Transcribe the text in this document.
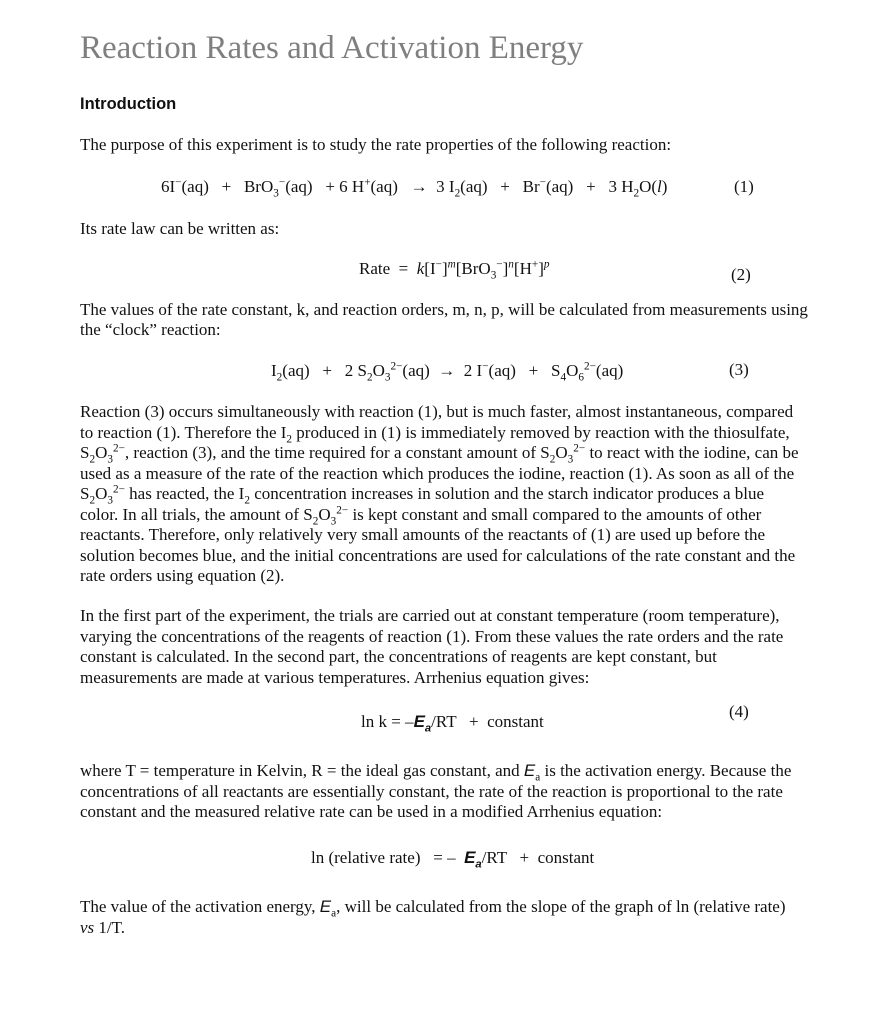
Reaction Rates and Activation Energy
Introduction
The purpose of this experiment is to study the rate properties of the following reaction:
6I−(aq) + BrO$_3$−(aq) + 6 H+(aq) → 3 $I_2(aq) + Br^-(aq) + 3$ $H_2O(l)$	(1)
Its rate law can be written as:
Rate = $k[I^-]^m[BrO_3^-]^n[H^+]^p$
(2)
The values of the rate constant, k, and reaction orders, m, n, p, will be calculated from measurements using
the “clock” reaction:
$I_2(aq) + 2$ $S_2O_3^{2-}(aq) \to 2$ $I^-(aq) + S_4O_6^{2-}(aq)$	(3)
Reaction (3) occurs simultaneously with reaction (1), but is much faster, almost instantaneous, compared
to reaction (1). Therefore the $I_2$ produced in (1) is immediately removed by reaction with the thiosulfate,
$S_2O_3^{2-}$, reaction (3), and the time required for a constant amount of $S_2O_3^{2-}$ to react with the iodine, can be
used as a measure of the rate of the reaction which produces the iodine, reaction (1). As soon as all of the
$S_2O_3^{2-}$ has reacted, the $I_2$ concentration increases in solution and the starch indicator produces a blue
color. In all trials, the amount of $S_2O_3^{2-}$ is kept constant and small compared to the amounts of other
reactants. Therefore, only relatively very small amounts of the reactants of (1) are used up before the
solution becomes blue, and the initial concentrations are used for calculations of the rate constant and the
rate orders using equation (2).
In the first part of the experiment, the trials are carried out at constant temperature (room temperature),
varying the concentrations of the reagents of reaction (1). From these values the rate orders and the rate
constant is calculated. In the second part, the concentrations of reagents are kept constant, but
measurements are made at various temperatures. Arrhenius equation gives:
$\ln k = -E_a/RT$   +  constant
(4)
where T = temperature in Kelvin, R = the ideal gas constant, and $E_a$ is the activation energy. Because the
concentrations of all reactants are essentially constant, the rate of the reaction is proportional to the rate
constant and the measured relative rate can be used in a modified Arrhenius equation:
ln (relative rate)   = –  $E_a/RT$   +  constant
The value of the activation energy, $E_a$, will be calculated from the slope of the graph of ln (relative rate)
vs 1/T.
